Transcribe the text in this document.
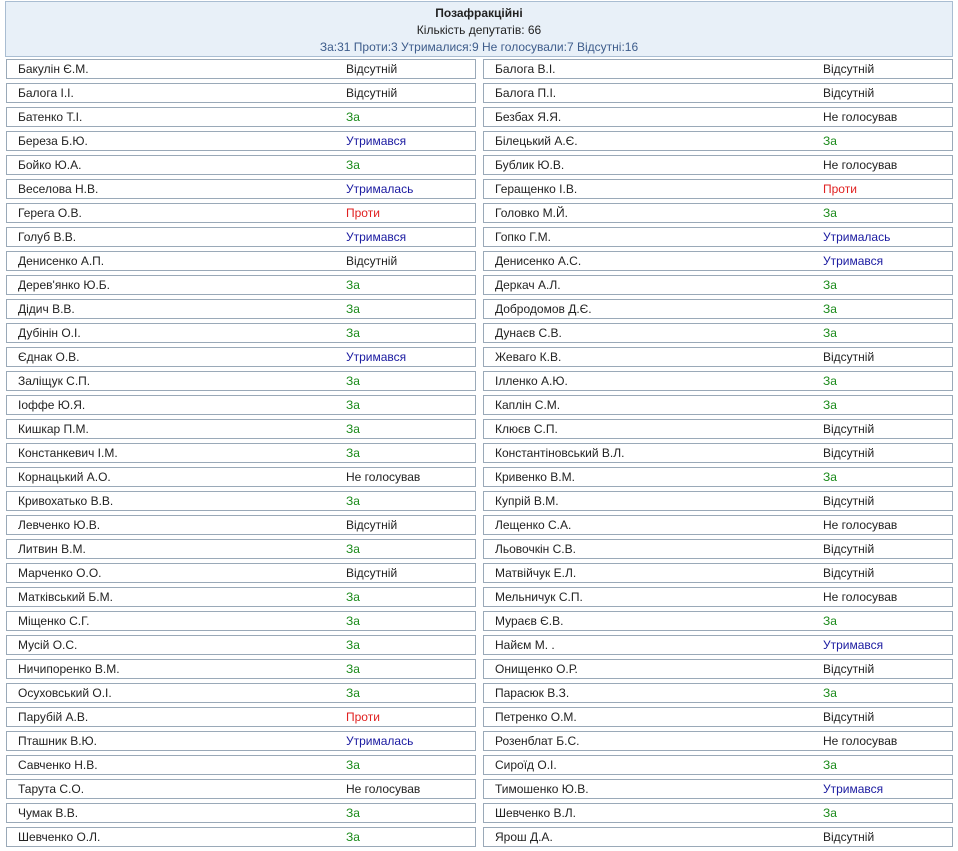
Позафракційні
Кількість депутатів: 66
За:31 Проти:3 Утрималися:9 Не голосували:7 Відсутні:16
Бакулін Є.М.	Відсутній
Балога І.І.	Відсутній
Батенко Т.І.	За
Береза Б.Ю.	Утримався
Бойко Ю.А.	За
Веселова Н.В.	Утрималась
Герега О.В.	Проти
Голуб В.В.	Утримався
Денисенко А.П.	Відсутній
Дерев'янко Ю.Б.	За
Дідич В.В.	За
Дубінін О.І.	За
Єднак О.В.	Утримався
Заліщук С.П.	За
Іоффе Ю.Я.	За
Кишкар П.М.	За
Констанкевич І.М.	За
Корнацький А.О.	Не голосував
Кривохатько В.В.	За
Левченко Ю.В.	Відсутній
Литвин В.М.	За
Марченко О.О.	Відсутній
Матківський Б.М.	За
Міщенко С.Г.	За
Мусій О.С.	За
Ничипоренко В.М.	За
Осуховський О.І.	За
Парубій А.В.	Проти
Пташник В.Ю.	Утрималась
Савченко Н.В.	За
Тарута С.О.	Не голосував
Чумак В.В.	За
Шевченко О.Л.	За
Балога В.І.	Відсутній
Балога П.І.	Відсутній
Безбах Я.Я.	Не голосував
Білецький А.Є.	За
Бублик Ю.В.	Не голосував
Геращенко І.В.	Проти
Головко М.Й.	За
Гопко Г.М.	Утрималась
Денисенко А.С.	Утримався
Деркач А.Л.	За
Добродомов Д.Є.	За
Дунаєв С.В.	За
Жеваго К.В.	Відсутній
Ілленко А.Ю.	За
Каплін С.М.	За
Клюєв С.П.	Відсутній
Константіновський В.Л.	Відсутній
Кривенко В.М.	За
Купрій В.М.	Відсутній
Лещенко С.А.	Не голосував
Льовочкін С.В.	Відсутній
Матвійчук Е.Л.	Відсутній
Мельничук С.П.	Не голосував
Мураєв Є.В.	За
Найєм М. .	Утримався
Онищенко О.Р.	Відсутній
Парасюк В.З.	За
Петренко О.М.	Відсутній
Розенблат Б.С.	Не голосував
Сироїд О.І.	За
Тимошенко Ю.В.	Утримався
Шевченко В.Л.	За
Ярош Д.А.	Відсутній
